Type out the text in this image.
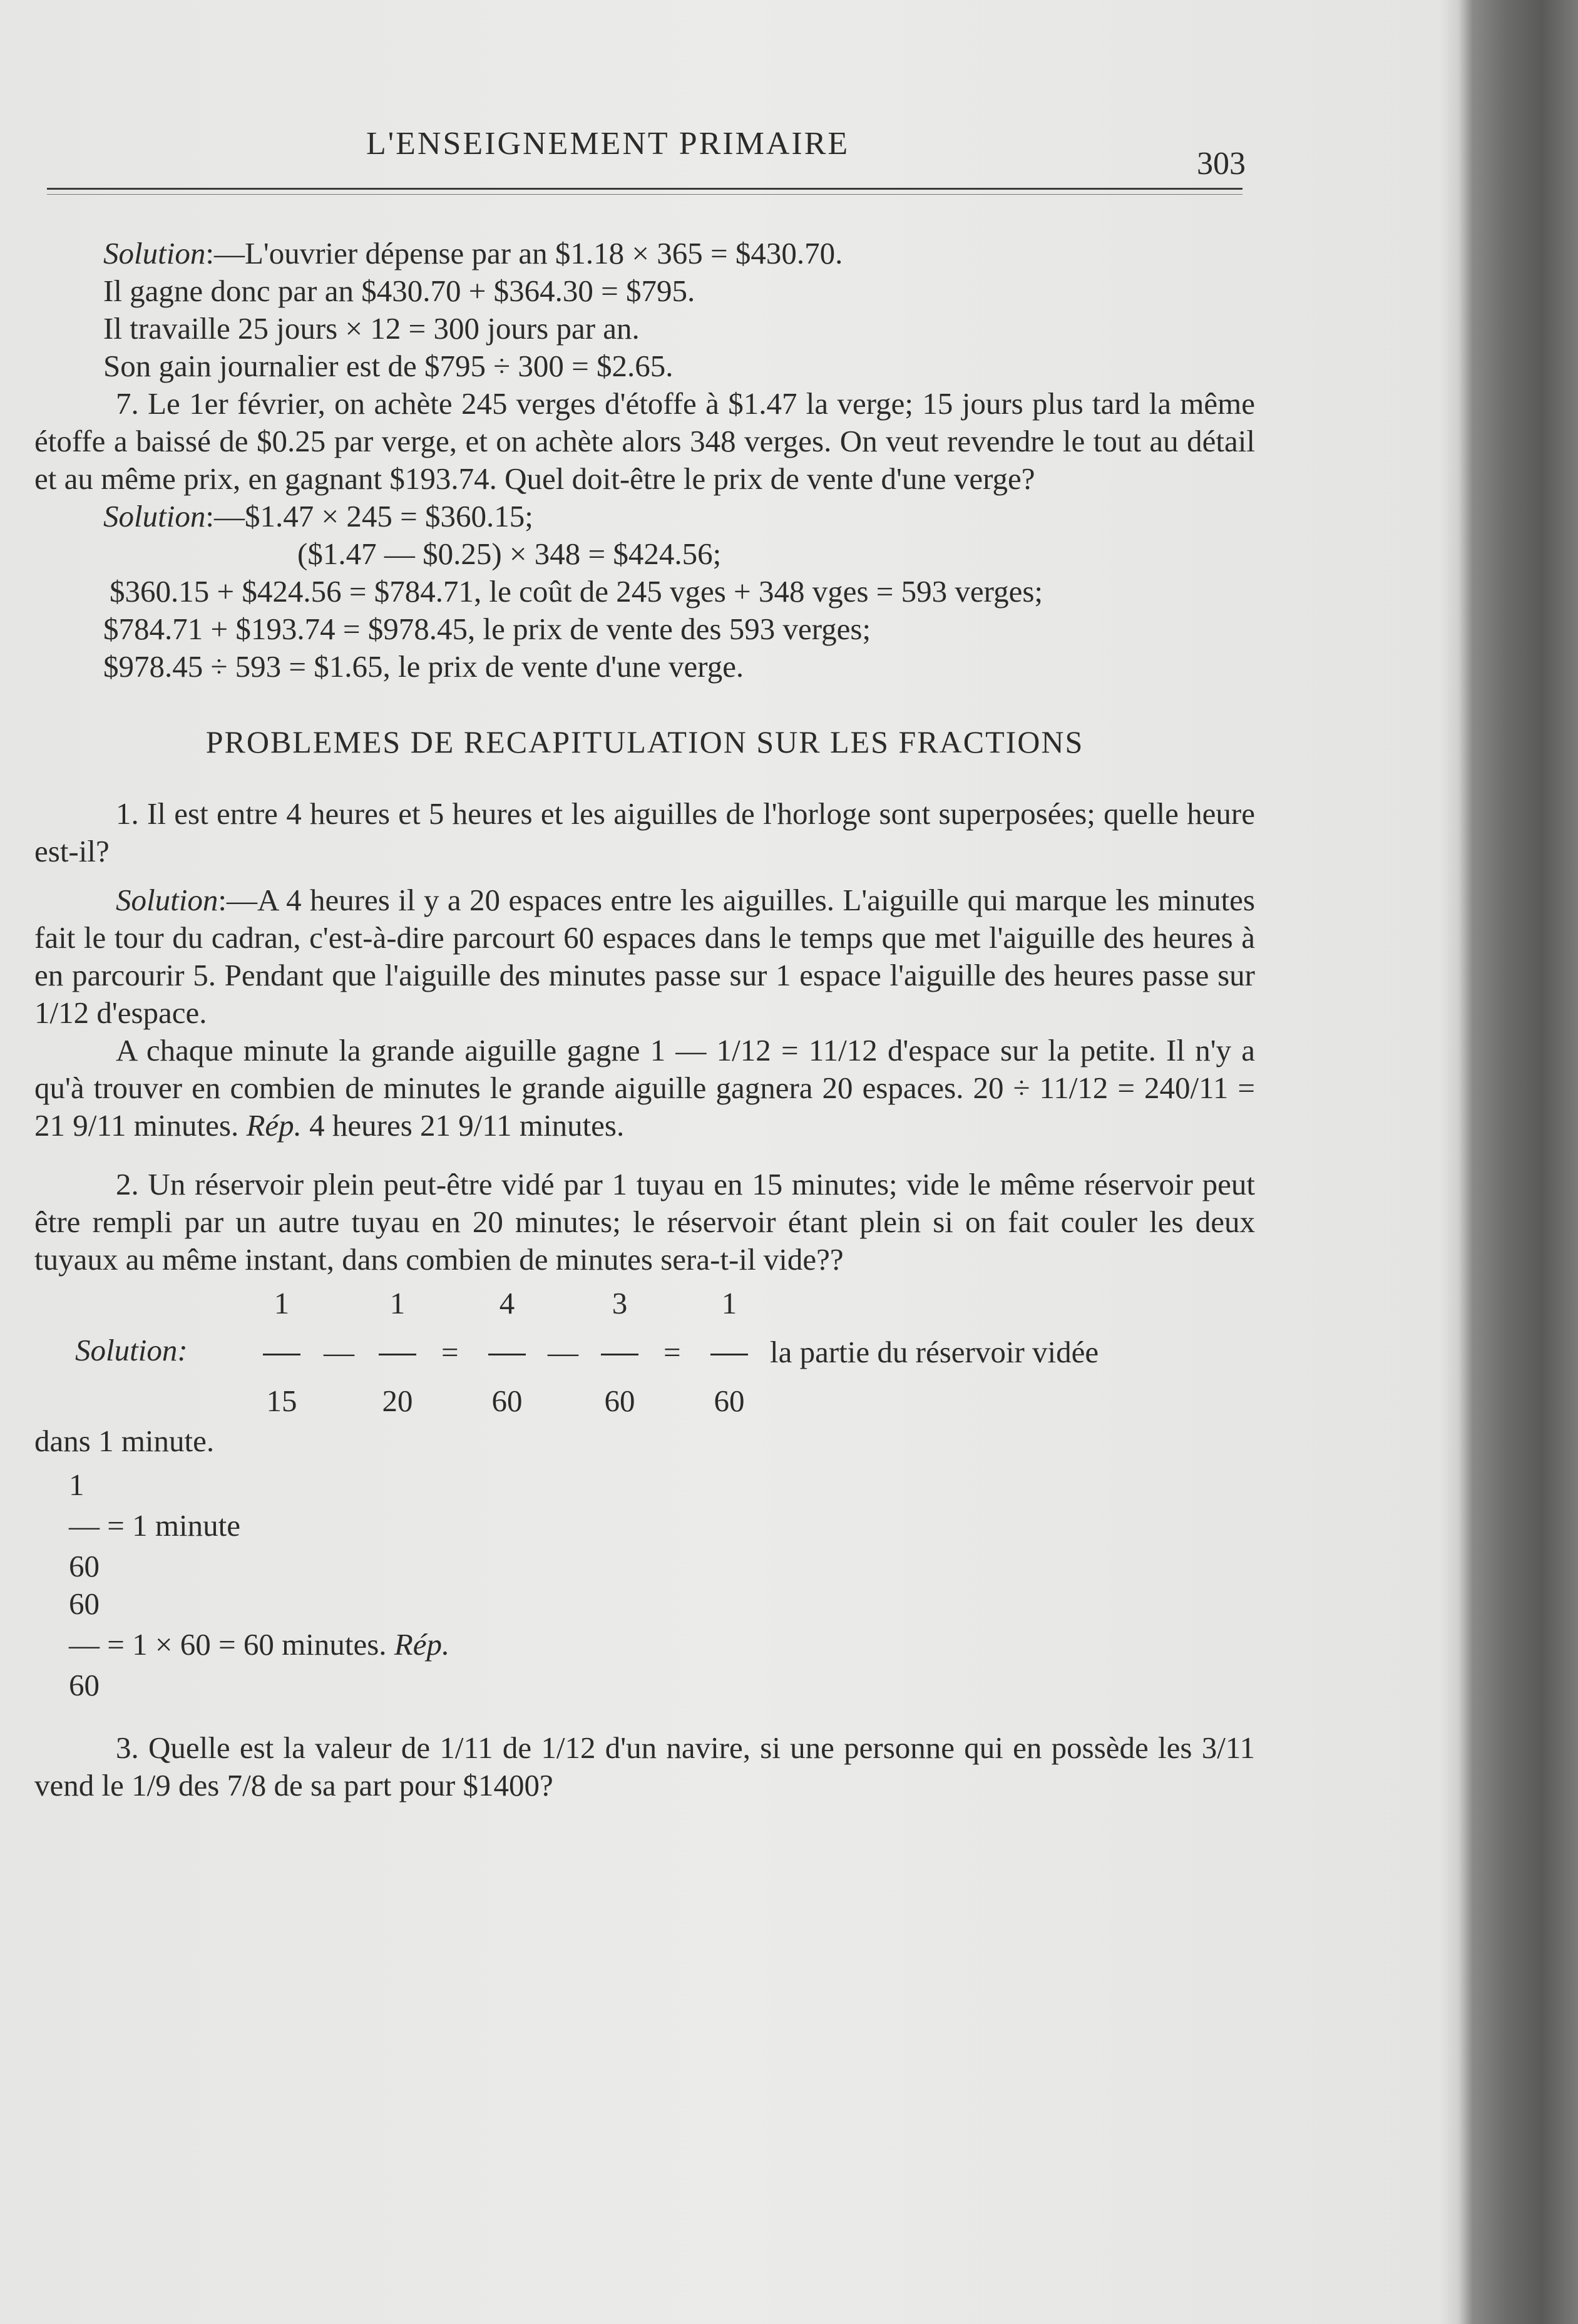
L'ENSEIGNEMENT PRIMAIRE
303

Solution:—L'ouvrier dépense par an $1.18 × 365 = $430.70.

Il gagne donc par an $430.70 + $364.30 = $795.

Il travaille 25 jours × 12 = 300 jours par an.

Son gain journalier est de $795 ÷ 300 = $2.65.

7. Le 1er février, on achète 245 verges d'étoffe à $1.47 la verge; 15 jours plus tard la même étoffe a baissé de $0.25 par verge, et on achète alors 348 verges. On veut revendre le tout au détail et au même prix, en gagnant $193.74. Quel doit-être le prix de vente d'une verge?

Solution:—$1.47 × 245 = $360.15;

($1.47 — $0.25) × 348 = $424.56;

$360.15 + $424.56 = $784.71, le coût de 245 vges + 348 vges = 593 verges;

$784.71 + $193.74 = $978.45, le prix de vente des 593 verges;

$978.45 ÷ 593 = $1.65, le prix de vente d'une verge.

PROBLEMES DE RECAPITULATION SUR LES FRACTIONS

1. Il est entre 4 heures et 5 heures et les aiguilles de l'horloge sont superposées; quelle heure est-il?

Solution:—A 4 heures il y a 20 espaces entre les aiguilles. L'aiguille qui marque les minutes fait le tour du cadran, c'est-à-dire parcourt 60 espaces dans le temps que met l'aiguille des heures à en parcourir 5. Pendant que l'aiguille des minutes passe sur 1 espace l'aiguille des heures passe sur 1/12 d'espace.

A chaque minute la grande aiguille gagne 1 — 1/12 = 11/12 d'espace sur la petite. Il n'y a qu'à trouver en combien de minutes le grande aiguille gagnera 20 espaces. 20 ÷ 11/12 = 240/11 = 21 9/11 minutes. Rép. 4 heures 21 9/11 minutes.

2. Un réservoir plein peut-être vidé par 1 tuyau en 15 minutes; vide le même réservoir peut être rempli par un autre tuyau en 20 minutes; le réservoir étant plein si on fait couler les deux tuyaux au même instant, dans combien de minutes sera-t-il vide??

Solution:
1
15
—
1
20
=
4
60
—
3
60
=
1
60
la partie du réservoir vidée

dans 1 minute.

1
— = 1 minute
60
60
— = 1 × 60 = 60 minutes. Rép.
60

3. Quelle est la valeur de 1/11 de 1/12 d'un navire, si une personne qui en possède les 3/11 vend le 1/9 des 7/8 de sa part pour $1400?
